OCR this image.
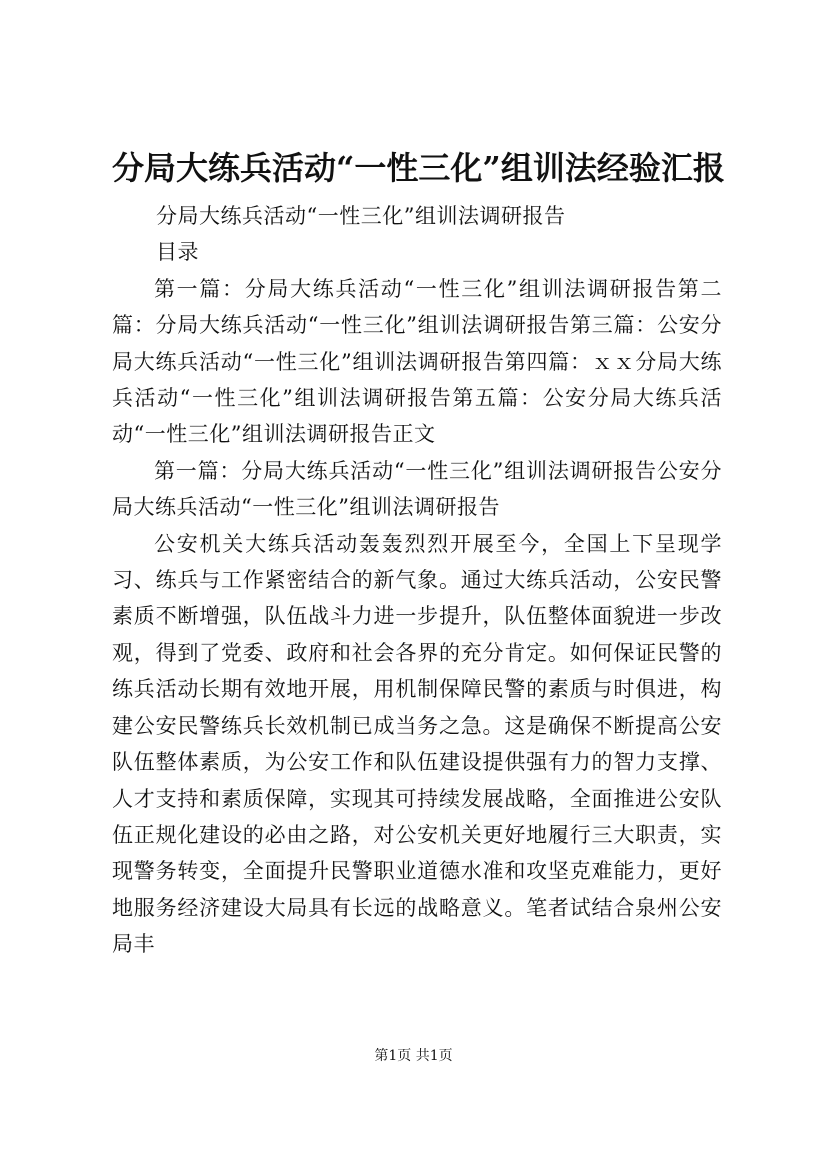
分局大练兵活动“一性三化”组训法经验汇报

分局大练兵活动“一性三化”组训法调研报告

目录

第一篇：分局大练兵活动“一性三化”组训法调研报告第二篇：分局大练兵活动“一性三化”组训法调研报告第三篇：公安分局大练兵活动“一性三化”组训法调研报告第四篇：ｘｘ分局大练兵活动“一性三化”组训法调研报告第五篇：公安分局大练兵活动“一性三化”组训法调研报告正文

第一篇：分局大练兵活动“一性三化”组训法调研报告公安分局大练兵活动“一性三化”组训法调研报告

公安机关大练兵活动轰轰烈烈开展至今，全国上下呈现学习、练兵与工作紧密结合的新气象。通过大练兵活动，公安民警素质不断增强，队伍战斗力进一步提升，队伍整体面貌进一步改观，得到了党委、政府和社会各界的充分肯定。如何保证民警的练兵活动长期有效地开展，用机制保障民警的素质与时俱进，构建公安民警练兵长效机制已成当务之急。这是确保不断提高公安队伍整体素质，为公安工作和队伍建设提供强有力的智力支撑、人才支持和素质保障，实现其可持续发展战略，全面推进公安队伍正规化建设的必由之路，对公安机关更好地履行三大职责，实现警务转变，全面提升民警职业道德水准和攻坚克难能力，更好地服务经济建设大局具有长远的战略意义。笔者试结合泉州公安局丰

第1页 共1页
